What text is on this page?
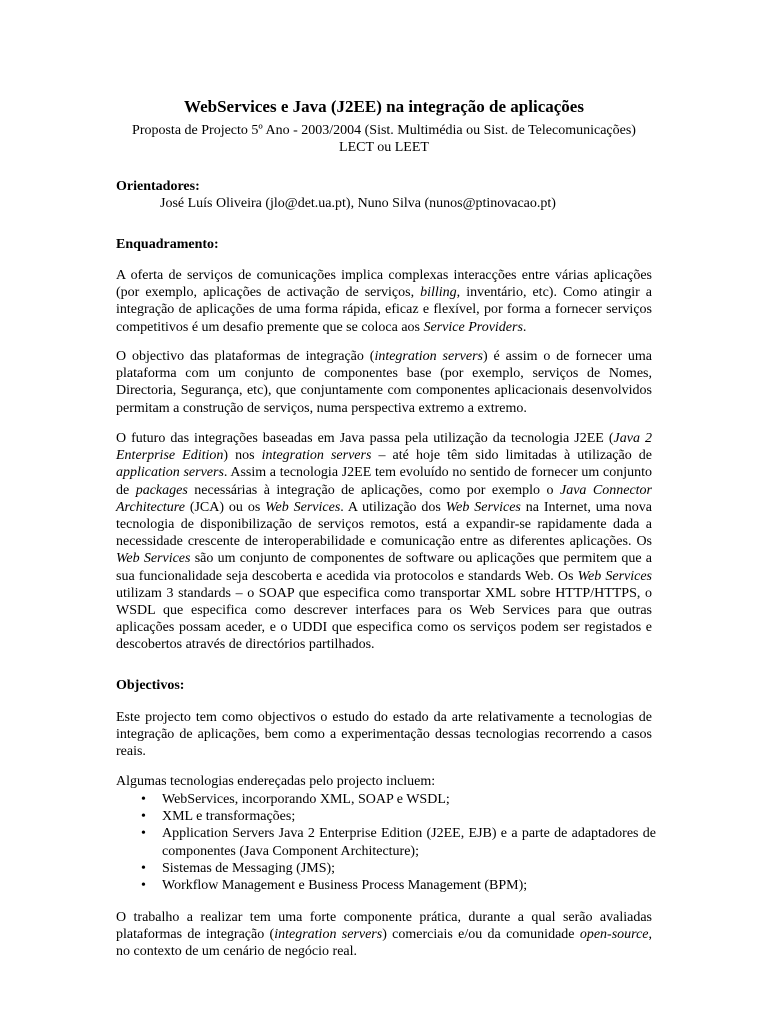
WebServices e Java (J2EE) na integração de aplicações
Proposta de Projecto 5º Ano - 2003/2004 (Sist. Multimédia ou Sist. de Telecomunicações)
LECT ou LEET
Orientadores:
José Luís Oliveira (jlo@det.ua.pt), Nuno Silva (nunos@ptinovacao.pt)
Enquadramento:
A oferta de serviços de comunicações implica complexas interacções entre várias aplicações (por exemplo, aplicações de activação de serviços, billing, inventário, etc). Como atingir a integração de aplicações de uma forma rápida, eficaz e flexível, por forma a fornecer serviços competitivos é um desafio premente que se coloca aos Service Providers.
O objectivo das plataformas de integração (integration servers) é assim o de fornecer uma plataforma com um conjunto de componentes base (por exemplo, serviços de Nomes, Directoria, Segurança, etc), que conjuntamente com componentes aplicacionais desenvolvidos permitam a construção de serviços, numa perspectiva extremo a extremo.
O futuro das integrações baseadas em Java passa pela utilização da tecnologia J2EE (Java 2 Enterprise Edition) nos integration servers – até hoje têm sido limitadas à utilização de application servers. Assim a tecnologia J2EE tem evoluído no sentido de fornecer um conjunto de packages necessárias à integração de aplicações, como por exemplo o Java Connector Architecture (JCA) ou os Web Services. A utilização dos Web Services na Internet, uma nova tecnologia de disponibilização de serviços remotos, está a expandir-se rapidamente dada a necessidade crescente de interoperabilidade e comunicação entre as diferentes aplicações. Os Web Services são um conjunto de componentes de software ou aplicações que permitem que a sua funcionalidade seja descoberta e acedida via protocolos e standards Web. Os Web Services utilizam 3 standards – o SOAP que especifica como transportar XML sobre HTTP/HTTPS, o WSDL que especifica como descrever interfaces para os Web Services para que outras aplicações possam aceder, e o UDDI que especifica como os serviços podem ser registados e descobertos através de directórios partilhados.
Objectivos:
Este projecto tem como objectivos o estudo do estado da arte relativamente a tecnologias de integração de aplicações, bem como a experimentação dessas tecnologias recorrendo a casos reais.
Algumas tecnologias endereçadas pelo projecto incluem:
• WebServices, incorporando XML, SOAP e WSDL;
• XML e transformações;
• Application Servers Java 2 Enterprise Edition (J2EE, EJB) e a parte de adaptadores de componentes (Java Component Architecture);
• Sistemas de Messaging (JMS);
• Workflow Management e Business Process Management (BPM);
O trabalho a realizar tem uma forte componente prática, durante a qual serão avaliadas plataformas de integração (integration servers) comerciais e/ou da comunidade open-source, no contexto de um cenário de negócio real.
